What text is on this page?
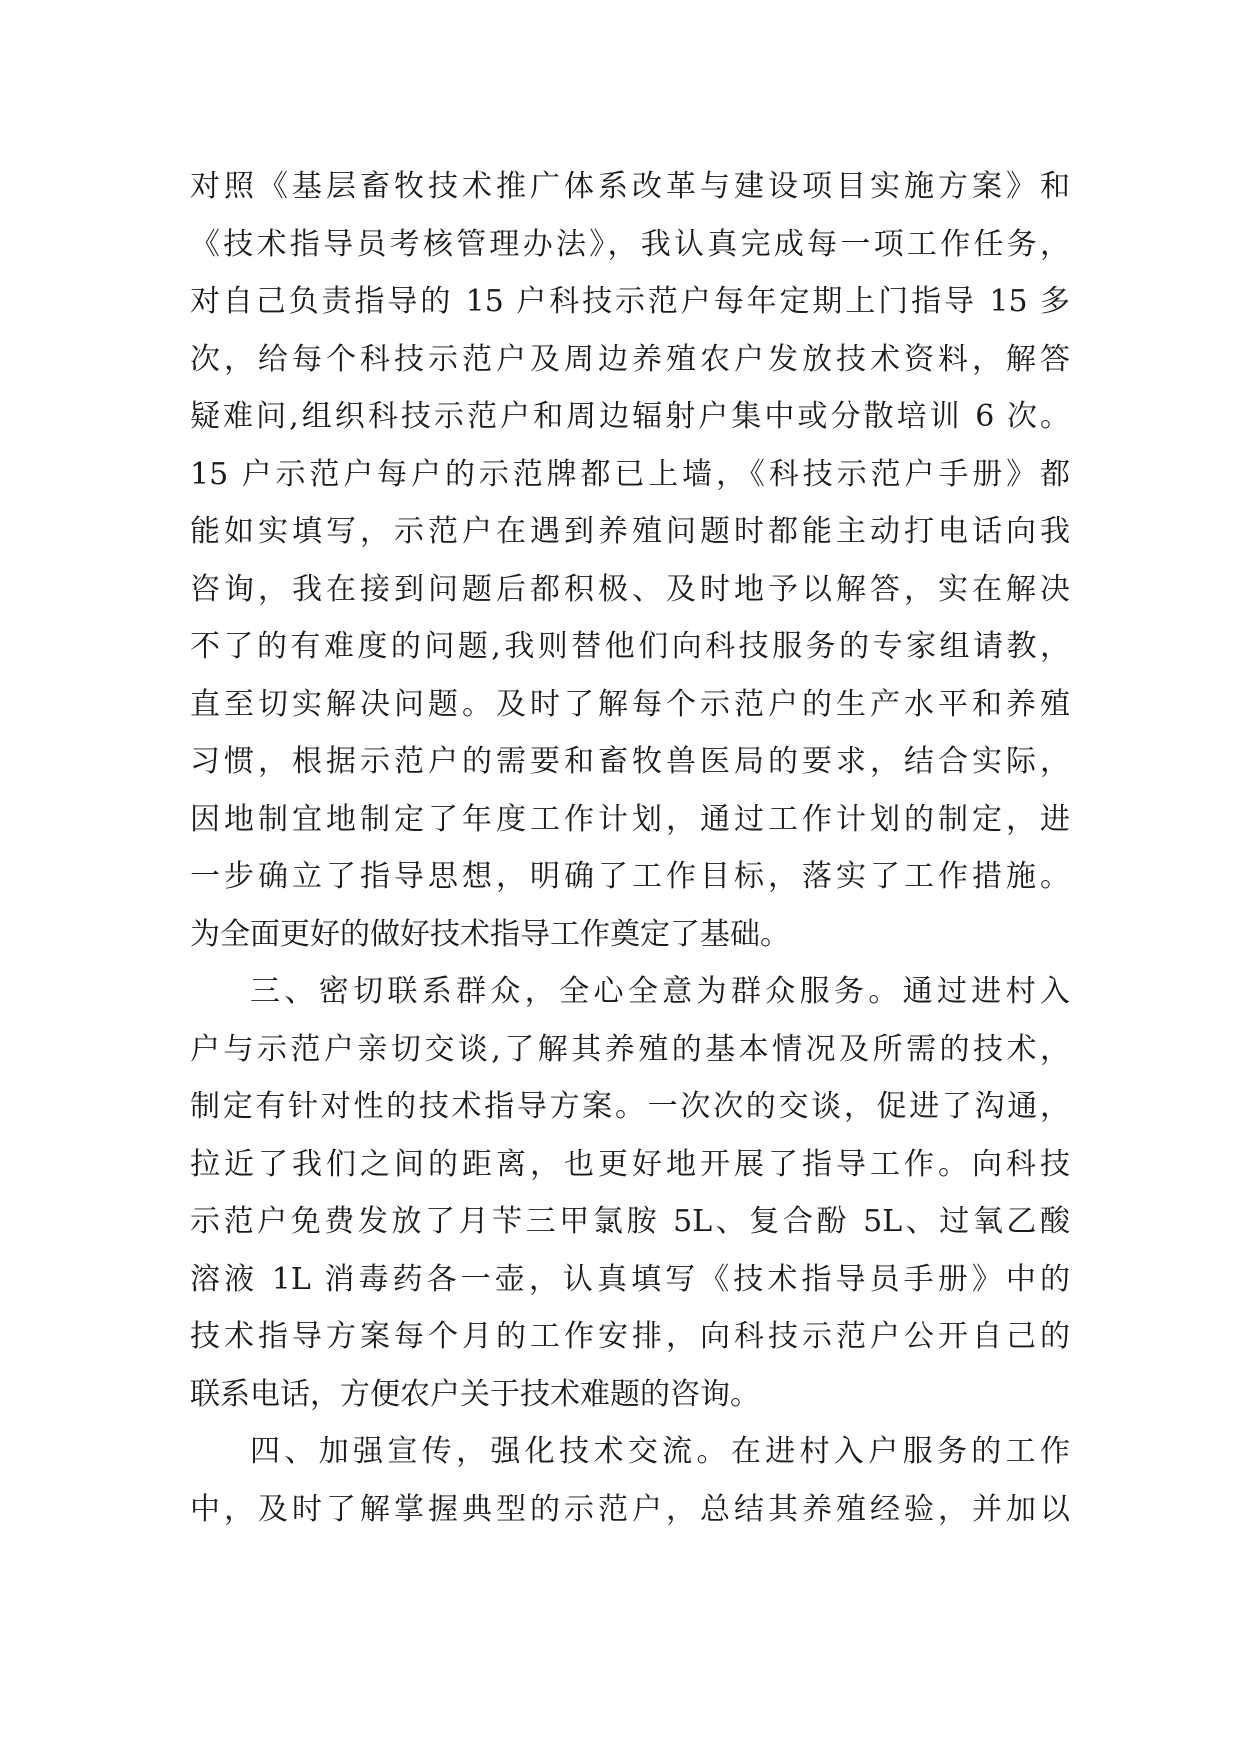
对照《基层畜牧技术推广体系改革与建设项目实施方案》和
《技术指导员考核管理办法》，我认真完成每一项工作任务，
对自己负责指导的 15 户科技示范户每年定期上门指导 15 多
次，给每个科技示范户及周边养殖农户发放技术资料，解答
疑难问,组织科技示范户和周边辐射户集中或分散培训 6 次。
15 户示范户每户的示范牌都已上墙，《科技示范户手册》都
能如实填写，示范户在遇到养殖问题时都能主动打电话向我
咨询，我在接到问题后都积极、及时地予以解答，实在解决
不了的有难度的问题,我则替他们向科技服务的专家组请教，
直至切实解决问题。及时了解每个示范户的生产水平和养殖
习惯，根据示范户的需要和畜牧兽医局的要求，结合实际，
因地制宜地制定了年度工作计划，通过工作计划的制定，进
一步确立了指导思想，明确了工作目标，落实了工作措施。
为全面更好的做好技术指导工作奠定了基础。
三、密切联系群众，全心全意为群众服务。通过进村入
户与示范户亲切交谈,了解其养殖的基本情况及所需的技术，
制定有针对性的技术指导方案。一次次的交谈，促进了沟通，
拉近了我们之间的距离，也更好地开展了指导工作。向科技
示范户免费发放了月苄三甲氯胺 5L、复合酚 5L、过氧乙酸
溶液 1L 消毒药各一壶，认真填写《技术指导员手册》中的
技术指导方案每个月的工作安排，向科技示范户公开自己的
联系电话，方便农户关于技术难题的咨询。
四、加强宣传，强化技术交流。在进村入户服务的工作
中，及时了解掌握典型的示范户，总结其养殖经验，并加以
